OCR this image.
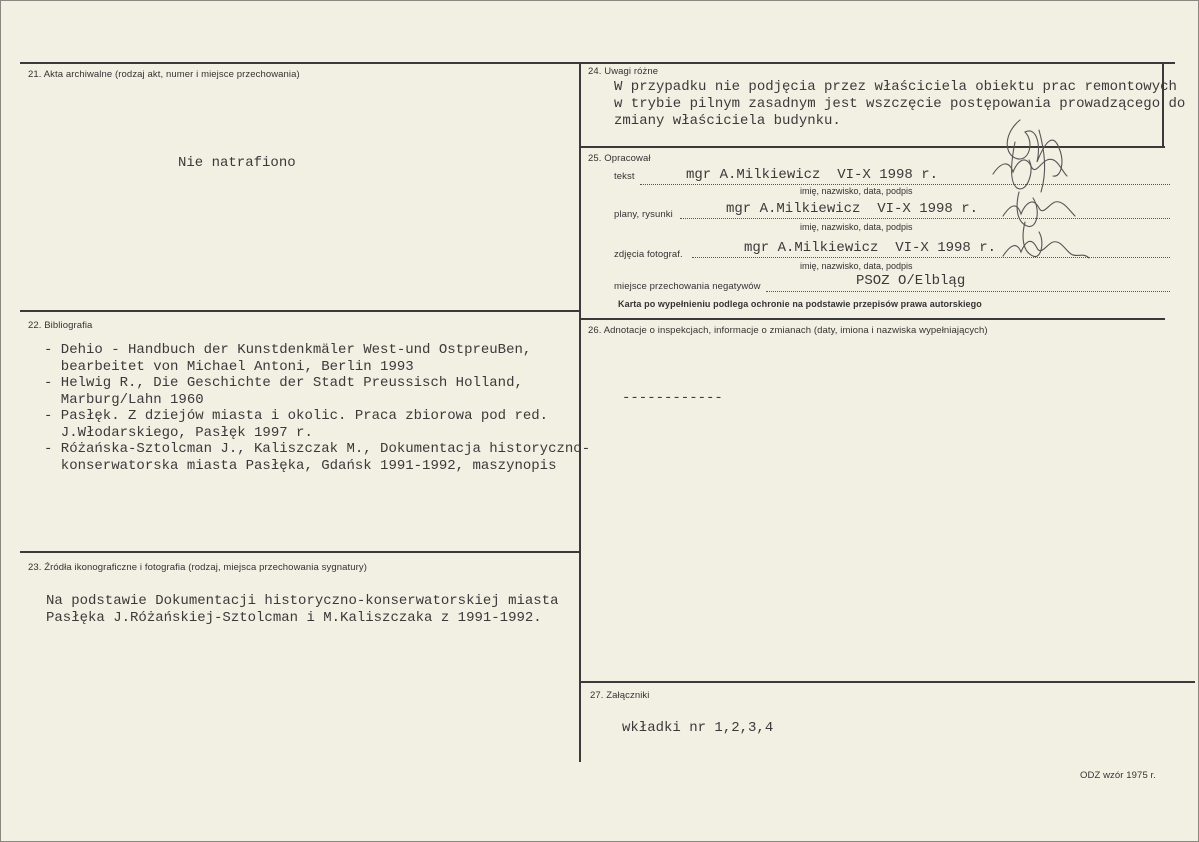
21. Akta archiwalne (rodzaj akt, numer i miejsce przechowania)
Nie natrafiono
22. Bibliografia
- Dehio - Handbuch der Kunstdenkmäler West-und OstpreuBen,
bearbeitet von Michael Antoni, Berlin 1993
- Helwig R., Die Geschichte der Stadt Preussisch Holland,
Marburg/Lahn 1960
- Pasłęk. Z dziejów miasta i okolic. Praca zbiorowa pod red.
J.Włodarskiego, Pasłęk 1997 r.
- Różańska-Sztolcman J., Kaliszczak M., Dokumentacja historyczno-
konserwatorska miasta Pasłęka, Gdańsk 1991-1992, maszynopis
23. Źródła ikonograficzne i fotografia (rodzaj, miejsca przechowania sygnatury)
Na podstawie Dokumentacji historyczno-konserwatorskiej miasta
Pasłęka J.Różańskiej-Sztolcman i M.Kaliszczaka z 1991-1992.
24. Uwagi różne
W przypadku nie podjęcia przez właściciela obiektu prac remontowych
w trybie pilnym zasadnym jest wszczęcie postępowania prowadzącego do
zmiany właściciela budynku.
25. Opracował
tekst	mgr A.Milkiewicz  VI-X 1998 r.
imię, nazwisko, data, podpis
plany, rysunki	mgr A.Milkiewicz  VI-X 1998 r.
imię, nazwisko, data, podpis
zdjęcia fotograf.	mgr A.Milkiewicz  VI-X 1998 r.
imię, nazwisko, data, podpis
miejsce przechowania negatywów	PSOZ O/Elbląg
Karta po wypełnieniu podlega ochronie na podstawie przepisów prawa autorskiego
26. Adnotacje o inspekcjach, informacje o zmianach (daty, imiona i nazwiska wypełniających)
------------
27. Załączniki
wkładki nr 1,2,3,4
ODZ wzór 1975 r.
